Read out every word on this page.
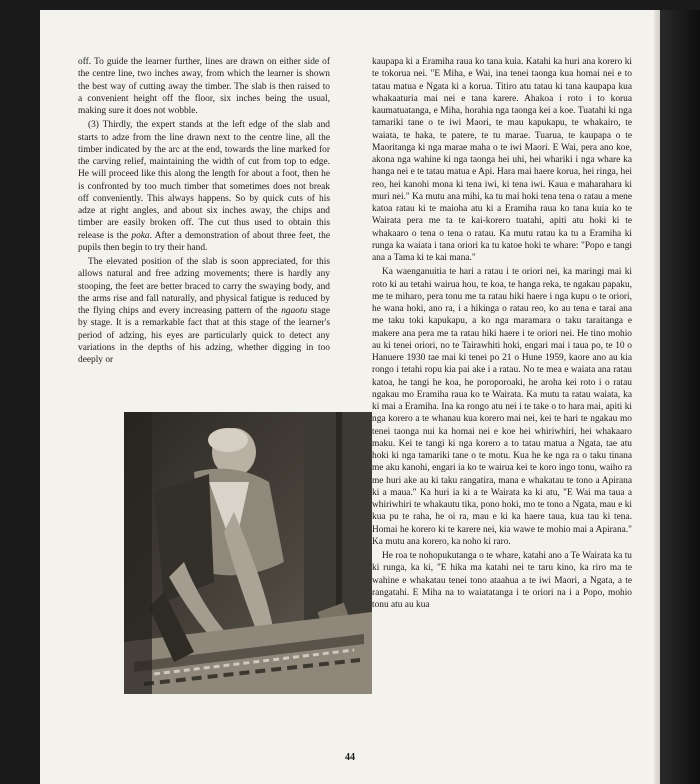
off. To guide the learner further, lines are drawn on either side of the centre line, two inches away, from which the learner is shown the best way of cutting away the timber. The slab is then raised to a convenient height off the floor, six inches being the usual, making sure it does not wobble.

(3) Thirdly, the expert stands at the left edge of the slab and starts to adze from the line drawn next to the centre line, all the timber indicated by the arc at the end, towards the line marked for the carving relief, maintaining the width of cut from top to edge. He will proceed like this along the length for about a foot, then he is confronted by too much timber that sometimes does not break off conveniently. This always happens. So by quick cuts of his adze at right angles, and about six inches away, the chips and timber are easily broken off. The cut thus used to obtain this release is the poka. After a demonstration of about three feet, the pupils then begin to try their hand.

The elevated position of the slab is soon appreciated, for this allows natural and free adzing movements; there is hardly any stooping, the feet are better braced to carry the swaying body, and the arms rise and fall naturally, and physical fatigue is reduced by the flying chips and every increasing pattern of the ngaotu stage by stage. It is a remarkable fact that at this stage of the learner's period of adzing, his eyes are particularly quick to detect any variations in the depths of his adzing, whether digging in too deeply or

kaupapa ki a Eramiha raua ko tana kuia. Katahi ka huri ana korero ki te tokorua nei. "E Miha, e Wai, ina tenei taonga kua homai nei e to tatau matua e Ngata ki a korua. Titiro atu tatau ki tana kaupapa kua whakaaturia mai nei e tana karere. Ahakoa i roto i to korua kaumatuatanga, e Miha, horahia nga taonga kei a koe. Tuatahi ki nga tamariki tane o te iwi Maori, te mau kapukapu, te whakairo, te waiata, te haka, te patere, te tu marae. Tuarua, te kaupapa o te Maoritanga ki nga marae maha o te iwi Maori. E Wai, pera ano koe, akona nga wahine ki nga taonga hei uhi, hei whariki i nga whare ka hanga nei e te tatau matua e Api. Hara mai haere korua, hei ringa, hei reo, hei kanohi mona ki tena iwi, ki tena iwi. Kaua e maharahara ki muri nei." Ka mutu ana mihi, ka tu mai hoki tena tena o ratau a mene katoa ratau ki te maioha atu ki a Eramiha raua ko tana kuia ko te Wairata pera me ta te kai-korero tuatahi, apiti atu hoki ki te whakaaro o tena o tena o ratau. Ka mutu ratau ka tu a Eramiha ki runga ka waiata i tana oriori ka tu katoe hoki te whare: "Popo e tangi ana a Tama ki te kai mana."

Ka waenganuitia te hari a ratau i te oriori nei, ka maringi mai ki roto ki au tetahi wairua hou, te koa, te hanga reka, te ngakau papaku, me te miharo, pera tonu me ta ratau hiki haere i nga kupu o te oriori, he wana hoki, ano ra, i a hikinga o ratau reo, ko au tena e tarai ana me taku toki kapukapu, a ko nga maramara o taku taraitanga e makere ana pera me ta ratau hiki haere i te oriori nei. He tino mohio au ki tenei oriori, no te Tairawhiti hoki, engari mai i taua po, te 10 o Hanuere 1930 tae mai ki tenei po 21 o Hune 1959, kaore ano au kia rongo i tetahi ropu kia pai ake i a ratau. No te mea e waiata ana ratau katoa, he tangi he koa, he poroporoaki, he aroha kei roto i o ratau ngakau mo Eramiha raua ko te Wairata. Ka mutu ta ratau waiata, ka ki mai a Eramiha. Ina ka rongo atu nei i te take o to hara mai, apiti ki nga korero a te whanau kua korero mai nei, kei te hari te ngakau mo tenei taonga nui ka homai nei e koe hei whiriwhiri, hei whakaaro maku. Kei te tangi ki nga korero a to tatau matua a Ngata, tae atu hoki ki nga tamariki tane o te motu. Kua he ke nga ra o taku tinana me aku kanohi, engari ia ko te wairua kei te koro ingo tonu, waiho ra me huri ake au ki taku rangatira, mana e whakatau te tono a Apirana ki a maua." Ka huri ia ki a te Wairata ka ki atu, "E Wai ma taua a whiriwhiri te whakautu tika, pono hoki, mo te tono a Ngata, mau e ki kua pu te raha, he oi ra, mau e ki ka haere taua, kua tau ki tena. Homai he korero ki te karere nei, kia wawe te mohio mai a Apirana." Ka mutu ana korero, ka noho ki raro.

He roa te nohopukutanga o te whare, katahi ano a Te Wairata ka tu ki runga, ka ki, "E hika ma katahi nei te taru kino, ka riro ma te wahine e whakatau tenei tono ataahua a te iwi Maori, a Ngata, a te rangatahi. E Miha na to waiatatanga i te oriori na i a Popo, mohio tonu atu au kua

44
